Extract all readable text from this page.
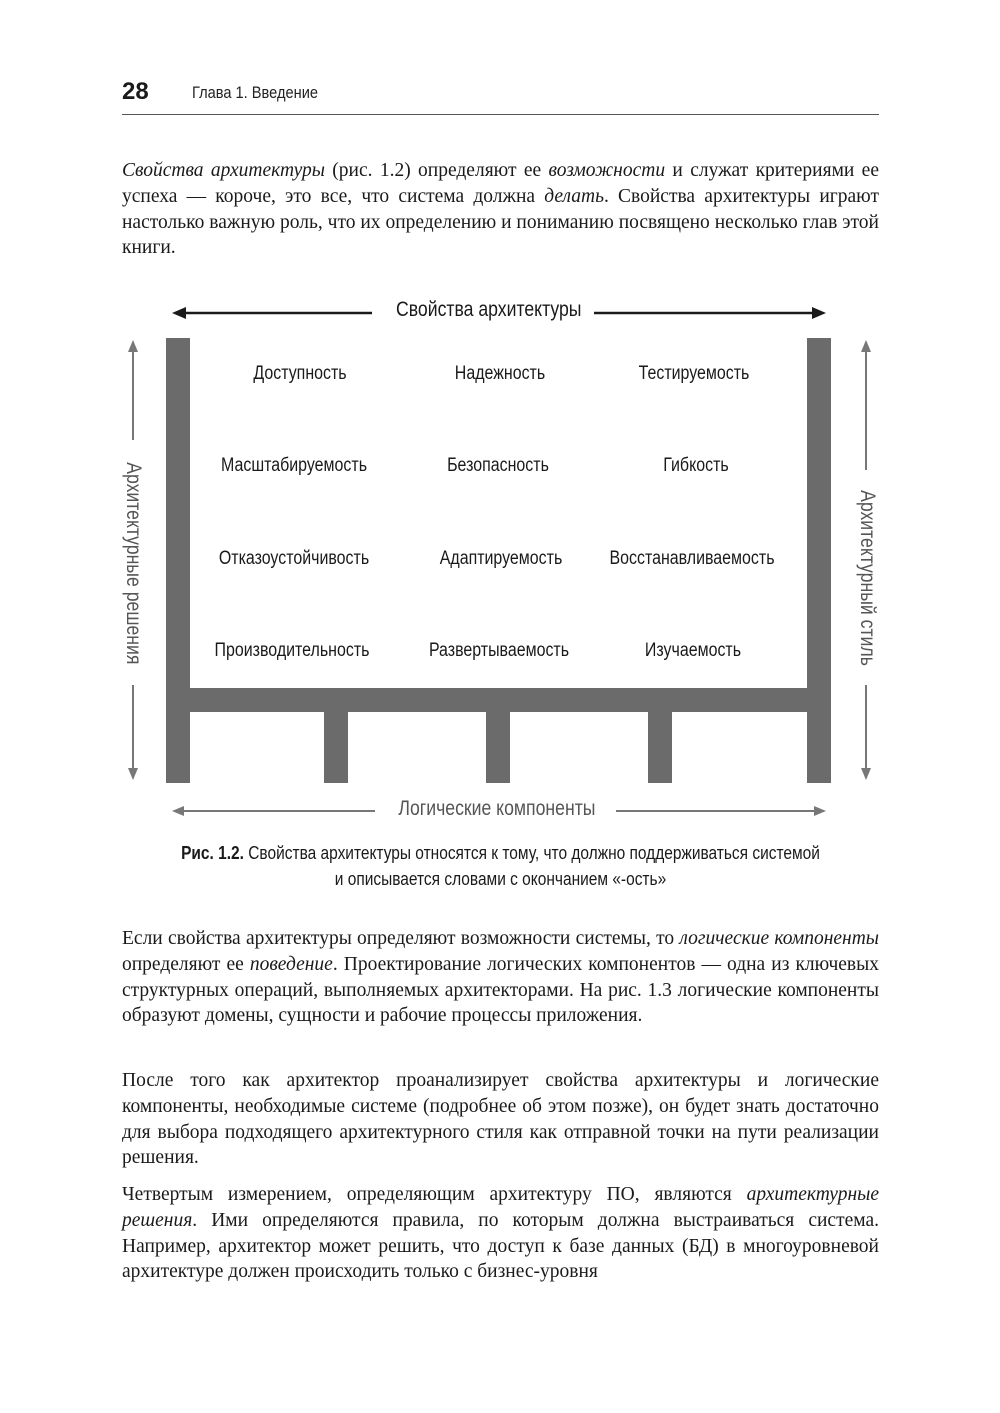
28	Глава 1. Введение

Свойства архитектуры (рис. 1.2) определяют ее возможности и служат критериями ее успеха — короче, это все, что система должна делать. Свойства архитектуры играют настолько важную роль, что их определению и пониманию посвящено несколько глав этой книги.

Свойства архитектуры
Логические компоненты
Архитектурные решения	Архитектурный стиль
Доступность	Надежность	Тестируемость
Масштабируемость	Безопасность	Гибкость
Отказоустойчивость	Адаптируемость	Восстанавливаемость
Производительность	Развертываемость	Изучаемость
Рис. 1.2. Свойства архитектуры относятся к тому, что должно поддерживаться системой и описывается словами с окончанием «-ость»

Если свойства архитектуры определяют возможности системы, то логические компоненты определяют ее поведение. Проектирование логических компонентов — одна из ключевых структурных операций, выполняемых архитекторами. На рис. 1.3 логические компоненты образуют домены, сущности и рабочие процессы приложения.

После того как архитектор проанализирует свойства архитектуры и логические компоненты, необходимые системе (подробнее об этом позже), он будет знать достаточно для выбора подходящего архитектурного стиля как отправной точки на пути реализации решения.

Четвертым измерением, определяющим архитектуру ПО, являются архитектурные решения. Ими определяются правила, по которым должна выстраиваться система. Например, архитектор может решить, что доступ к базе данных (БД) в многоуровневой архитектуре должен происходить только с бизнес-уровня
